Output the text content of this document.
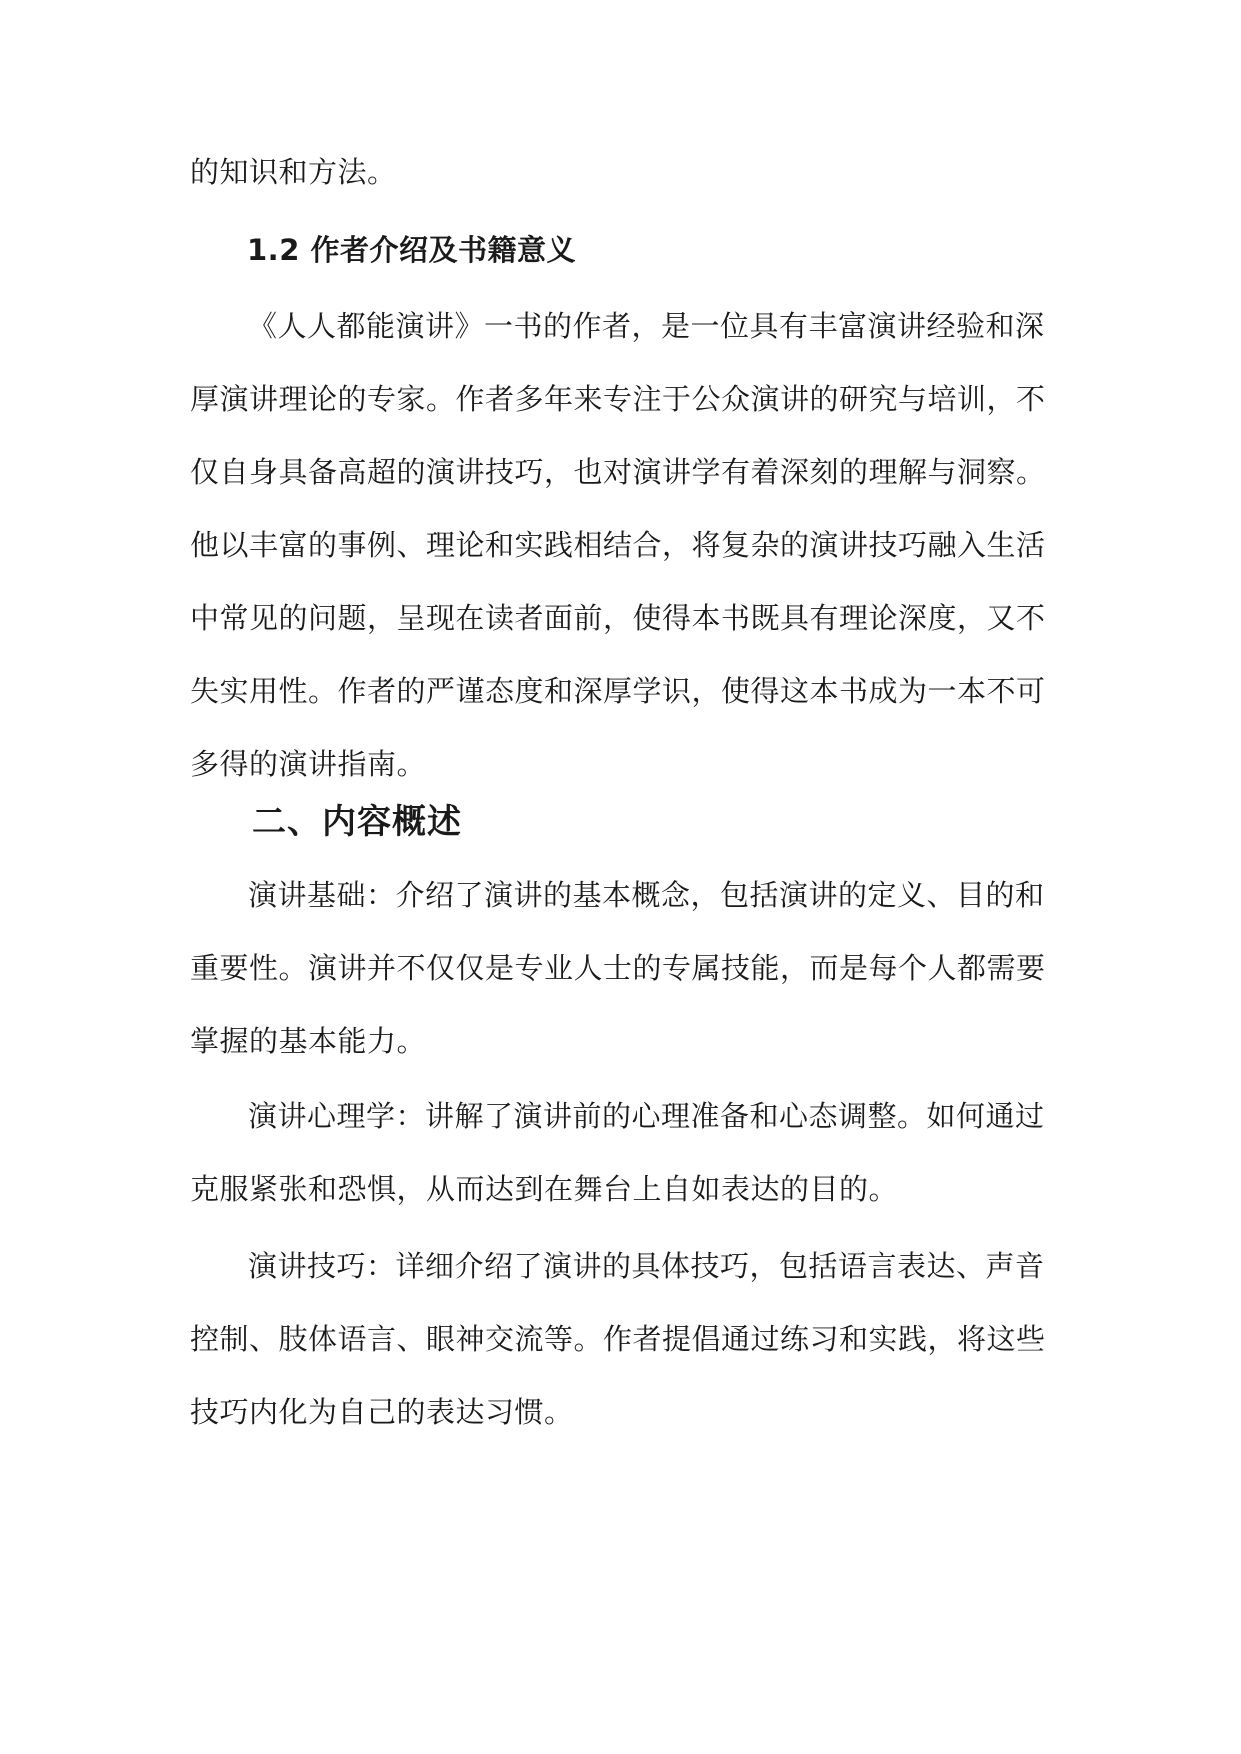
的知识和方法。

1.2 作者介绍及书籍意义

《人人都能演讲》一书的作者，是一位具有丰富演讲经验和深厚演讲理论的专家。作者多年来专注于公众演讲的研究与培训，不仅自身具备高超的演讲技巧，也对演讲学有着深刻的理解与洞察。他以丰富的事例、理论和实践相结合，将复杂的演讲技巧融入生活中常见的问题，呈现在读者面前，使得本书既具有理论深度，又不失实用性。作者的严谨态度和深厚学识，使得这本书成为一本不可多得的演讲指南。

二、内容概述

演讲基础：介绍了演讲的基本概念，包括演讲的定义、目的和重要性。演讲并不仅仅是专业人士的专属技能，而是每个人都需要掌握的基本能力。

演讲心理学：讲解了演讲前的心理准备和心态调整。如何通过克服紧张和恐惧，从而达到在舞台上自如表达的目的。

演讲技巧：详细介绍了演讲的具体技巧，包括语言表达、声音控制、肢体语言、眼神交流等。作者提倡通过练习和实践，将这些技巧内化为自己的表达习惯。
